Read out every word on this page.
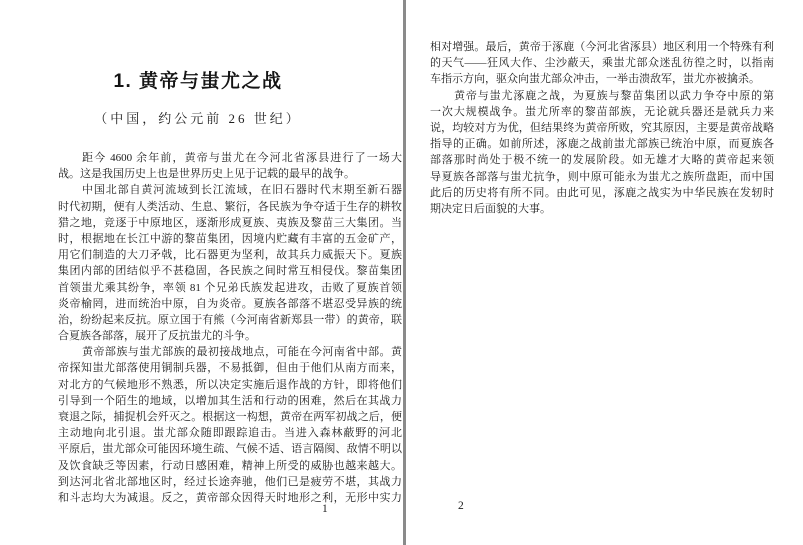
1. 黄帝与蚩尤之战
（中国，约公元前 26 世纪）
距今 4600 余年前，黄帝与蚩尤在今河北省涿县进行了一场大
战。这是我国历史上也是世界历史上见于记载的最早的战争。
中国北部自黄河流域到长江流域，在旧石器时代末期至新石器
时代初期，便有人类活动、生息、繁衍，各民族为争夺适于生存的耕牧
猎之地，竞逐于中原地区，逐渐形成夏族、夷族及黎苗三大集团。当
时，根据地在长江中游的黎苗集团，因境内贮藏有丰富的五金矿产，
用它们制造的大刀矛戟，比石器更为坚利，故其兵力威振天下。夏族
集团内部的团结似乎不甚稳固，各民族之间时常互相侵伐。黎苗集团
首领蚩尤乘其纷争，率领 81 个兄弟氏族发起进攻，击败了夏族首领
炎帝榆罔，进而统治中原，自为炎帝。夏族各部落不堪忍受异族的统
治，纷纷起来反抗。原立国于有熊（今河南省新郑县一带）的黄帝，联
合夏族各部落，展开了反抗蚩尤的斗争。
黄帝部族与蚩尤部族的最初接战地点，可能在今河南省中部。黄
帝探知蚩尤部落使用铜制兵器，不易抵御，但由于他们从南方而来，
对北方的气候地形不熟悉，所以决定实施后退作战的方针，即将他们
引导到一个陌生的地域，以增加其生活和行动的困难，然后在其战力
衰退之际，捕捉机会歼灭之。根据这一构想，黄帝在两军初战之后，便
主动地向北引退。蚩尤部众随即跟踪追击。当进入森林蔽野的河北
平原后，蚩尤部众可能因环境生疏、气候不适、语言隔阂、敌情不明以
及饮食缺乏等因素，行动日感困难，精神上所受的威胁也越来越大。
到达河北省北部地区时，经过长途奔驰，他们已是疲劳不堪，其战力
和斗志均大为减退。反之，黄帝部众因得天时地形之利，无形中实力
1
相对增强。最后，黄帝于涿鹿（今河北省涿县）地区利用一个特殊有利
的天气——狂风大作、尘沙蔽天，乘蚩尤部众迷乱彷徨之时，以指南
车指示方向，驱众向蚩尤部众冲击，一举击溃敌军，蚩尤亦被擒杀。
黄帝与蚩尤涿鹿之战，为夏族与黎苗集团以武力争夺中原的第
一次大规模战争。蚩尤所率的黎苗部族，无论就兵器还是就兵力来
说，均较对方为优，但结果终为黄帝所败，究其原因，主要是黄帝战略
指导的正确。如前所述，涿鹿之战前蚩尤部族已统治中原，而夏族各
部落那时尚处于极不统一的发展阶段。如无雄才大略的黄帝起来领
导夏族各部落与蚩尤抗争，则中原可能永为蚩尤之族所盘距，而中国
此后的历史将有所不同。由此可见，涿鹿之战实为中华民族在发轫时
期决定日后面貌的大事。
2
